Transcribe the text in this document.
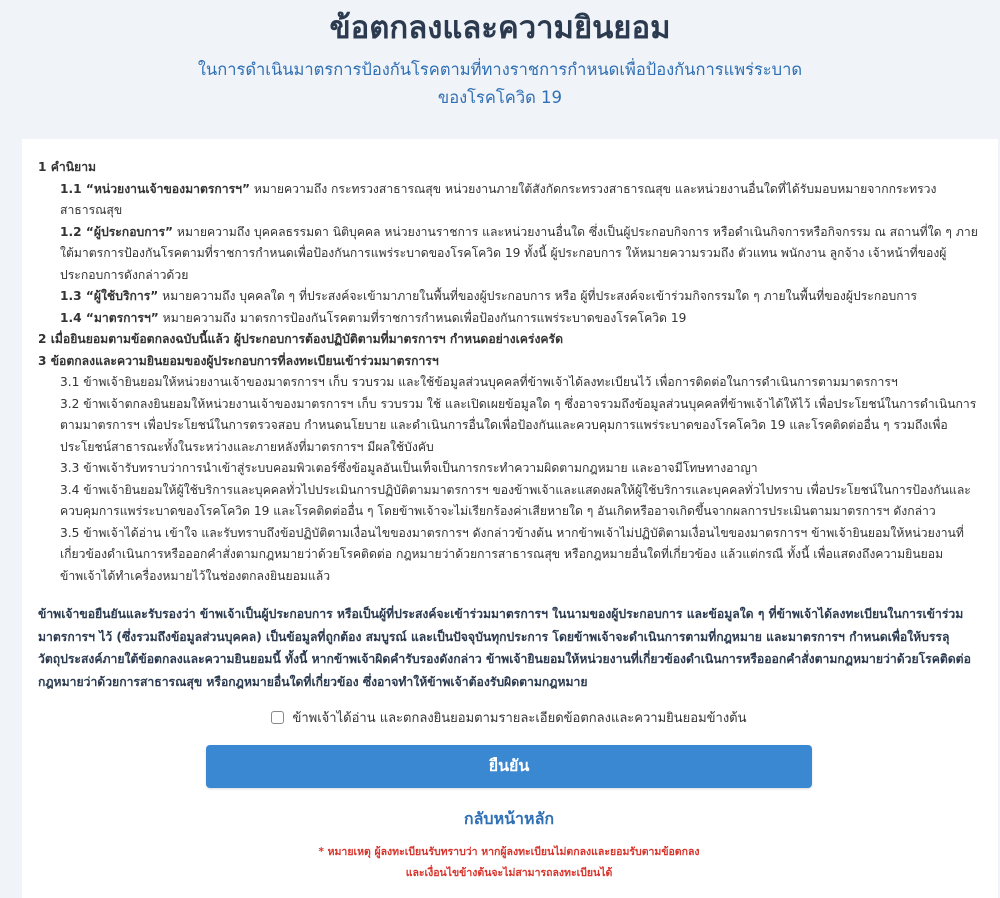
ข้อตกลงและความยินยอม
ในการดำเนินมาตรการป้องกันโรคตามที่ทางราชการกำหนดเพื่อป้องกันการแพร่ระบาด
ของโรคโควิด 19
1 คำนิยาม
1.1 “หน่วยงานเจ้าของมาตรการฯ” หมายความถึง กระทรวงสาธารณสุข หน่วยงานภายใต้สังกัดกระทรวงสาธารณสุข และหน่วยงานอื่นใดที่ได้รับมอบหมายจากกระทรวงสาธารณสุข
1.2 “ผู้ประกอบการ” หมายความถึง บุคคลธรรมดา นิติบุคคล หน่วยงานราชการ และหน่วยงานอื่นใด ซึ่งเป็นผู้ประกอบกิจการ หรือดำเนินกิจการหรือกิจกรรม ณ สถานที่ใด ๆ ภายใต้มาตรการป้องกันโรคตามที่ราชการกำหนดเพื่อป้องกันการแพร่ระบาดของโรคโควิด 19 ทั้งนี้ ผู้ประกอบการ ให้หมายความรวมถึง ตัวแทน พนักงาน ลูกจ้าง เจ้าหน้าที่ของผู้ประกอบการดังกล่าวด้วย
1.3 “ผู้ใช้บริการ” หมายความถึง บุคคลใด ๆ ที่ประสงค์จะเข้ามาภายในพื้นที่ของผู้ประกอบการ หรือ ผู้ที่ประสงค์จะเข้าร่วมกิจกรรมใด ๆ ภายในพื้นที่ของผู้ประกอบการ
1.4 “มาตรการฯ” หมายความถึง มาตรการป้องกันโรคตามที่ราชการกำหนดเพื่อป้องกันการแพร่ระบาดของโรคโควิด 19
2 เมื่อยินยอมตามข้อตกลงฉบับนี้แล้ว ผู้ประกอบการต้องปฏิบัติตามที่มาตรการฯ กำหนดอย่างเคร่งครัด
3 ข้อตกลงและความยินยอมของผู้ประกอบการที่ลงทะเบียนเข้าร่วมมาตรการฯ
3.1 ข้าพเจ้ายินยอมให้หน่วยงานเจ้าของมาตรการฯ เก็บ รวบรวม และใช้ข้อมูลส่วนบุคคลที่ข้าพเจ้าได้ลงทะเบียนไว้ เพื่อการติดต่อในการดำเนินการตามมาตรการฯ
3.2 ข้าพเจ้าตกลงยินยอมให้หน่วยงานเจ้าของมาตรการฯ เก็บ รวบรวม ใช้ และเปิดเผยข้อมูลใด ๆ ซึ่งอาจรวมถึงข้อมูลส่วนบุคคลที่ข้าพเจ้าได้ให้ไว้ เพื่อประโยชน์ในการดำเนินการตามมาตรการฯ เพื่อประโยชน์ในการตรวจสอบ กำหนดนโยบาย และดำเนินการอื่นใดเพื่อป้องกันและควบคุมการแพร่ระบาดของโรคโควิด 19 และโรคติดต่ออื่น ๆ รวมถึงเพื่อประโยชน์สาธารณะทั้งในระหว่างและภายหลังที่มาตรการฯ มีผลใช้บังคับ
3.3 ข้าพเจ้ารับทราบว่าการนำเข้าสู่ระบบคอมพิวเตอร์ซึ่งข้อมูลอันเป็นเท็จเป็นการกระทำความผิดตามกฎหมาย และอาจมีโทษทางอาญา
3.4 ข้าพเจ้ายินยอมให้ผู้ใช้บริการและบุคคลทั่วไปประเมินการปฏิบัติตามมาตรการฯ ของข้าพเจ้าและแสดงผลให้ผู้ใช้บริการและบุคคลทั่วไปทราบ เพื่อประโยชน์ในการป้องกันและควบคุมการแพร่ระบาดของโรคโควิด 19 และโรคติดต่ออื่น ๆ โดยข้าพเจ้าจะไม่เรียกร้องค่าเสียหายใด ๆ อันเกิดหรืออาจเกิดขึ้นจากผลการประเมินตามมาตรการฯ ดังกล่าว
3.5 ข้าพเจ้าได้อ่าน เข้าใจ และรับทราบถึงข้อปฏิบัติตามเงื่อนไขของมาตรการฯ ดังกล่าวข้างต้น หากข้าพเจ้าไม่ปฏิบัติตามเงื่อนไขของมาตรการฯ ข้าพเจ้ายินยอมให้หน่วยงานที่เกี่ยวข้องดำเนินการหรือออกคำสั่งตามกฎหมายว่าด้วยโรคติดต่อ กฎหมายว่าด้วยการสาธารณสุข หรือกฎหมายอื่นใดที่เกี่ยวข้อง แล้วแต่กรณี ทั้งนี้ เพื่อแสดงถึงความยินยอมข้าพเจ้าได้ทำเครื่องหมายไว้ในช่องตกลงยินยอมแล้ว
ข้าพเจ้าขอยืนยันและรับรองว่า ข้าพเจ้าเป็นผู้ประกอบการ หรือเป็นผู้ที่ประสงค์จะเข้าร่วมมาตรการฯ ในนามของผู้ประกอบการ และข้อมูลใด ๆ ที่ข้าพเจ้าได้ลงทะเบียนในการเข้าร่วมมาตรการฯ ไว้ (ซึ่งรวมถึงข้อมูลส่วนบุคคล) เป็นข้อมูลที่ถูกต้อง สมบูรณ์ และเป็นปัจจุบันทุกประการ โดยข้าพเจ้าจะดำเนินการตามที่กฎหมาย และมาตรการฯ กำหนดเพื่อให้บรรลุวัตถุประสงค์ภายใต้ข้อตกลงและความยินยอมนี้ ทั้งนี้ หากข้าพเจ้าผิดคำรับรองดังกล่าว ข้าพเจ้ายินยอมให้หน่วยงานที่เกี่ยวข้องดำเนินการหรือออกคำสั่งตามกฎหมายว่าด้วยโรคติดต่อ กฎหมายว่าด้วยการสาธารณสุข หรือกฎหมายอื่นใดที่เกี่ยวข้อง ซึ่งอาจทำให้ข้าพเจ้าต้องรับผิดตามกฎหมาย
ข้าพเจ้าได้อ่าน และตกลงยินยอมตามรายละเอียดข้อตกลงและความยินยอมข้างต้น
ยืนยัน
กลับหน้าหลัก
* หมายเหตุ ผู้ลงทะเบียนรับทราบว่า หากผู้ลงทะเบียนไม่ตกลงและยอมรับตามข้อตกลง
และเงื่อนไขข้างต้นจะไม่สามารถลงทะเบียนได้
